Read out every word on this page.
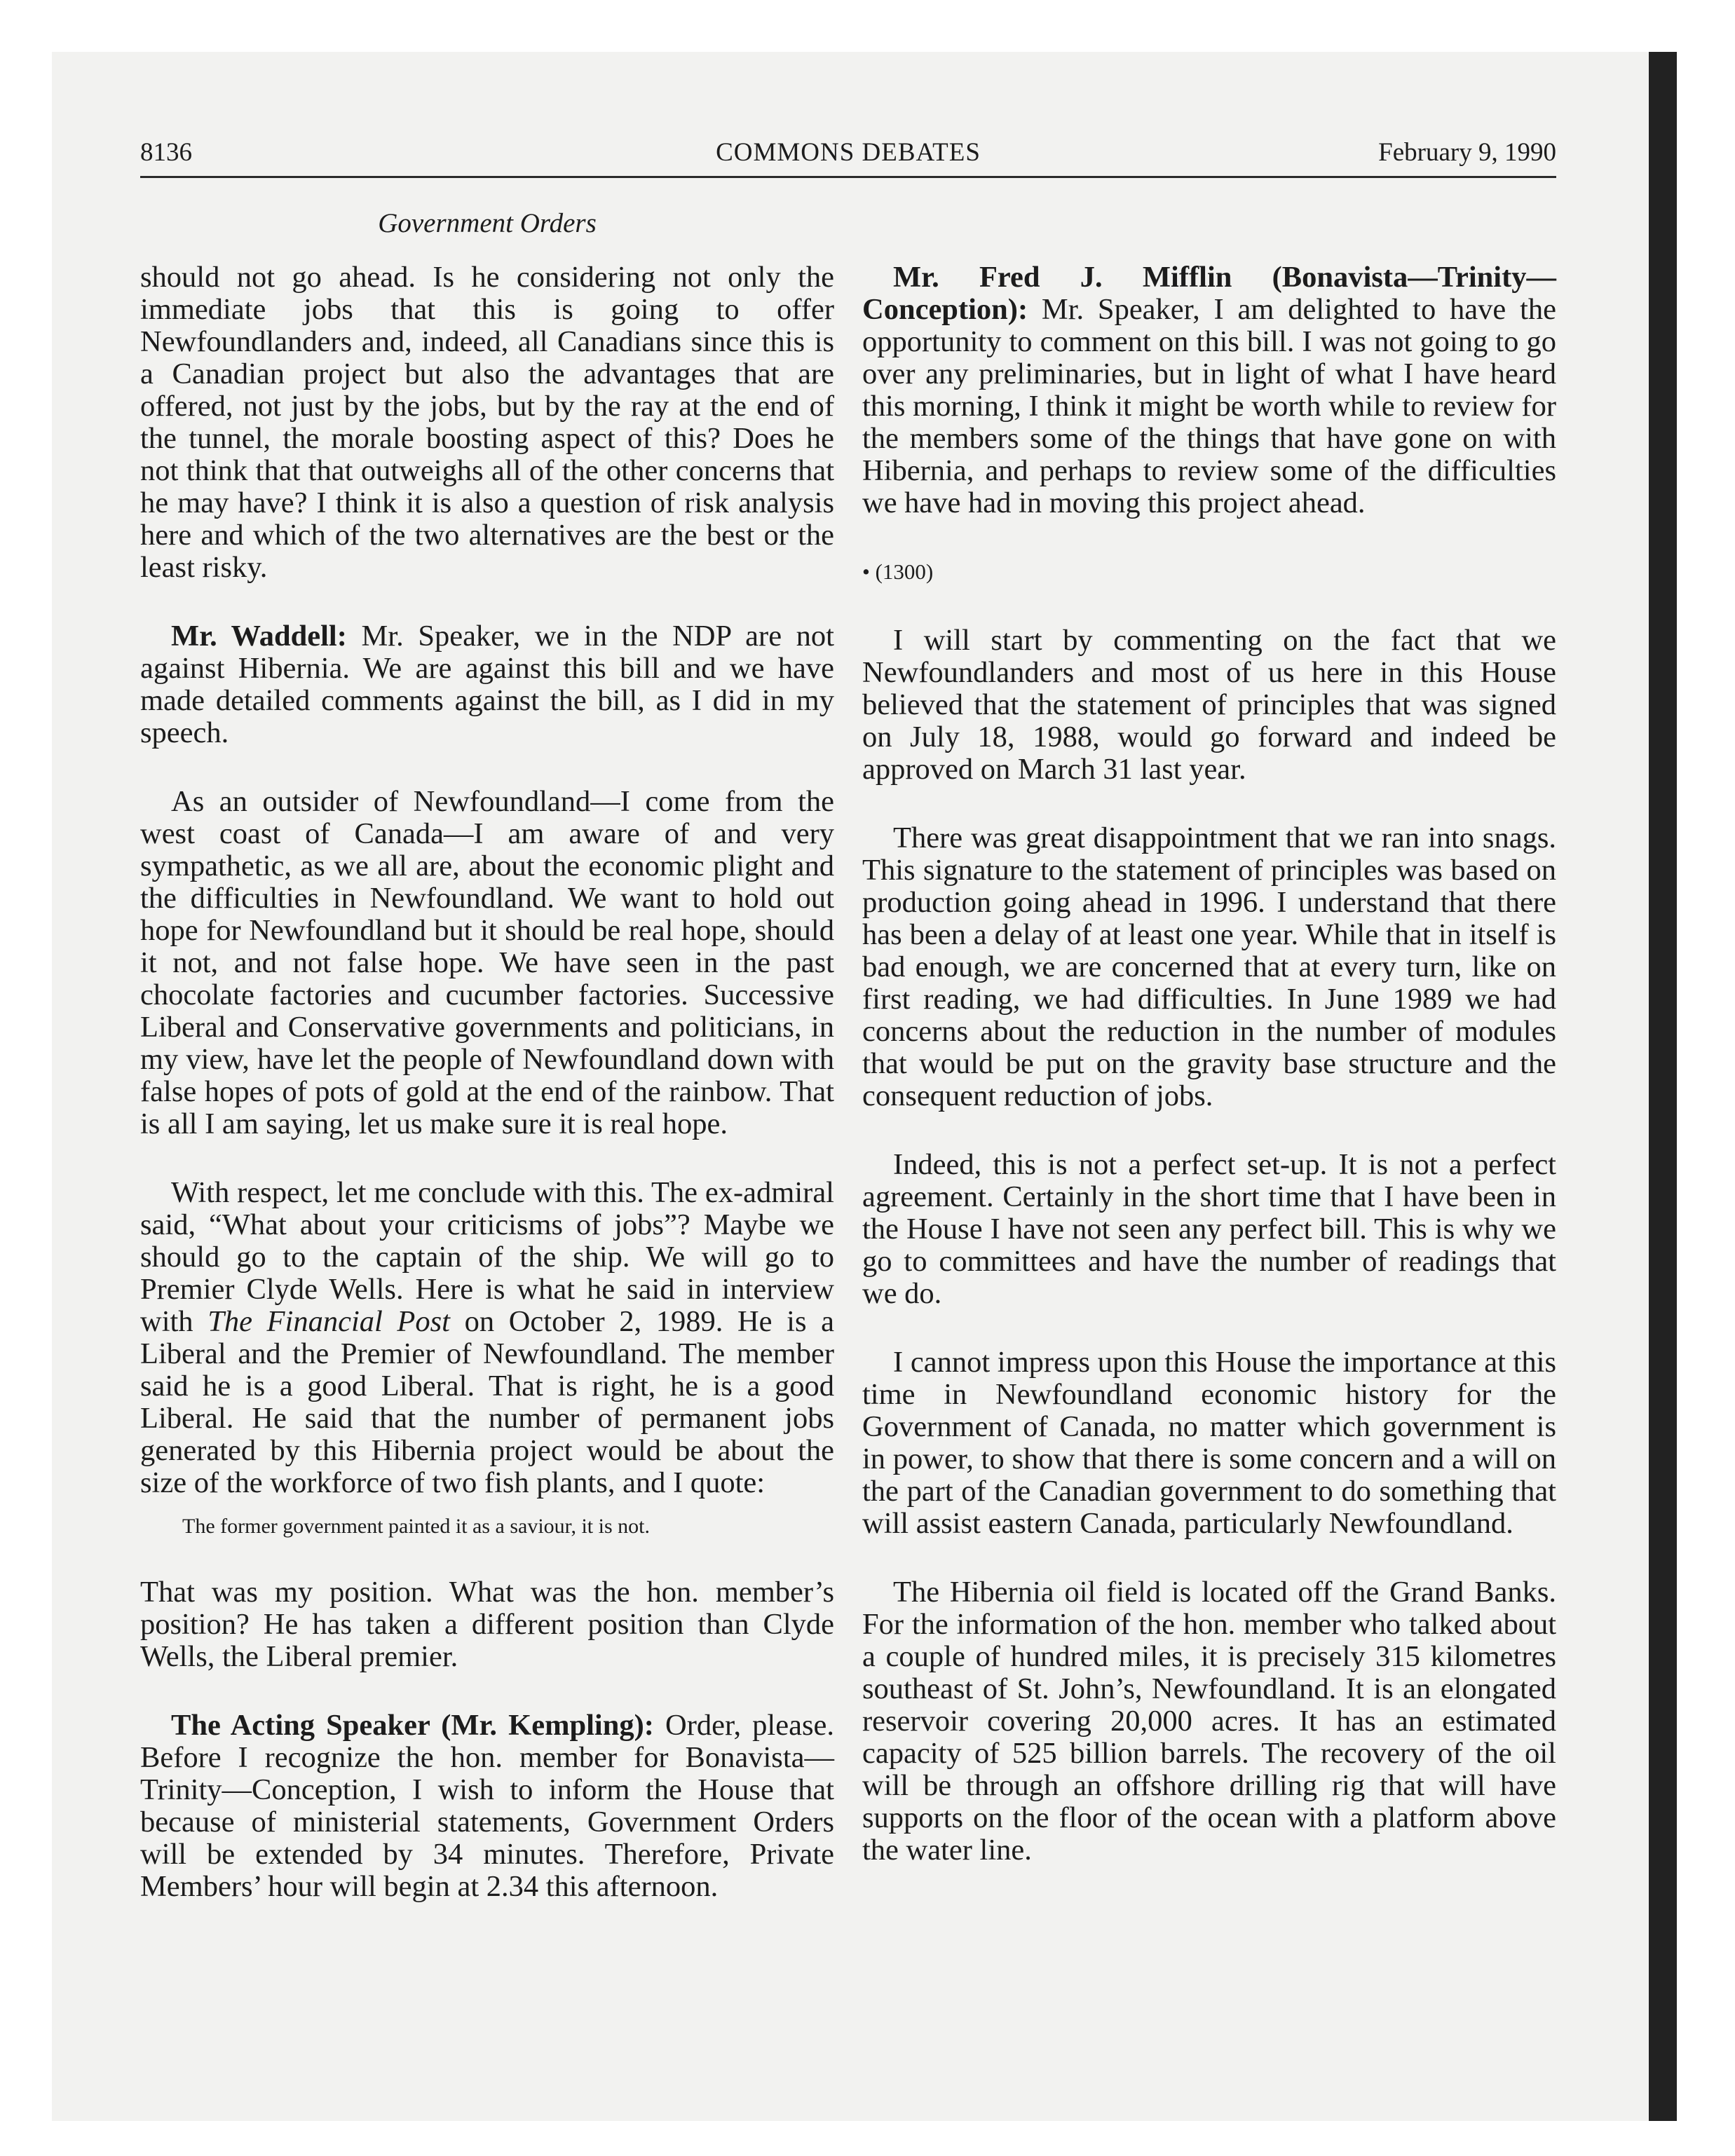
8136	COMMONS DEBATES	February 9, 1990
Government Orders

should not go ahead. Is he considering not only the immediate jobs that this is going to offer Newfoundlanders and, indeed, all Canadians since this is a Canadian project but also the advantages that are offered, not just by the jobs, but by the ray at the end of the tunnel, the morale boosting aspect of this? Does he not think that that outweighs all of the other concerns that he may have? I think it is also a question of risk analysis here and which of the two alternatives are the best or the least risky.

Mr. Waddell: Mr. Speaker, we in the NDP are not against Hibernia. We are against this bill and we have made detailed comments against the bill, as I did in my speech.

As an outsider of Newfoundland—I come from the west coast of Canada—I am aware of and very sympathetic, as we all are, about the economic plight and the difficulties in Newfoundland. We want to hold out hope for Newfoundland but it should be real hope, should it not, and not false hope. We have seen in the past chocolate factories and cucumber factories. Successive Liberal and Conservative governments and politicians, in my view, have let the people of Newfoundland down with false hopes of pots of gold at the end of the rainbow. That is all I am saying, let us make sure it is real hope.

With respect, let me conclude with this. The ex-admiral said, “What about your criticisms of jobs”? Maybe we should go to the captain of the ship. We will go to Premier Clyde Wells. Here is what he said in interview with The Financial Post on October 2, 1989. He is a Liberal and the Premier of Newfoundland. The member said he is a good Liberal. That is right, he is a good Liberal. He said that the number of permanent jobs generated by this Hibernia project would be about the size of the workforce of two fish plants, and I quote:

The former government painted it as a saviour, it is not.

That was my position. What was the hon. member’s position? He has taken a different position than Clyde Wells, the Liberal premier.

The Acting Speaker (Mr. Kempling): Order, please. Before I recognize the hon. member for Bonavista—Trinity—Conception, I wish to inform the House that because of ministerial statements, Government Orders will be extended by 34 minutes. Therefore, Private Members’ hour will begin at 2.34 this afternoon.

Mr. Fred J. Mifflin (Bonavista—Trinity—Conception): Mr. Speaker, I am delighted to have the opportunity to comment on this bill. I was not going to go over any preliminaries, but in light of what I have heard this morning, I think it might be worth while to review for the members some of the things that have gone on with Hibernia, and perhaps to review some of the difficulties we have had in moving this project ahead.

• (1300)

I will start by commenting on the fact that we Newfoundlanders and most of us here in this House believed that the statement of principles that was signed on July 18, 1988, would go forward and indeed be approved on March 31 last year.

There was great disappointment that we ran into snags. This signature to the statement of principles was based on production going ahead in 1996. I understand that there has been a delay of at least one year. While that in itself is bad enough, we are concerned that at every turn, like on first reading, we had difficulties. In June 1989 we had concerns about the reduction in the number of modules that would be put on the gravity base structure and the consequent reduction of jobs.

Indeed, this is not a perfect set-up. It is not a perfect agreement. Certainly in the short time that I have been in the House I have not seen any perfect bill. This is why we go to committees and have the number of readings that we do.

I cannot impress upon this House the importance at this time in Newfoundland economic history for the Government of Canada, no matter which government is in power, to show that there is some concern and a will on the part of the Canadian government to do something that will assist eastern Canada, particularly Newfoundland.

The Hibernia oil field is located off the Grand Banks. For the information of the hon. member who talked about a couple of hundred miles, it is precisely 315 kilometres southeast of St. John’s, Newfoundland. It is an elongated reservoir covering 20,000 acres. It has an estimated capacity of 525 billion barrels. The recovery of the oil will be through an offshore drilling rig that will have supports on the floor of the ocean with a platform above the water line.
